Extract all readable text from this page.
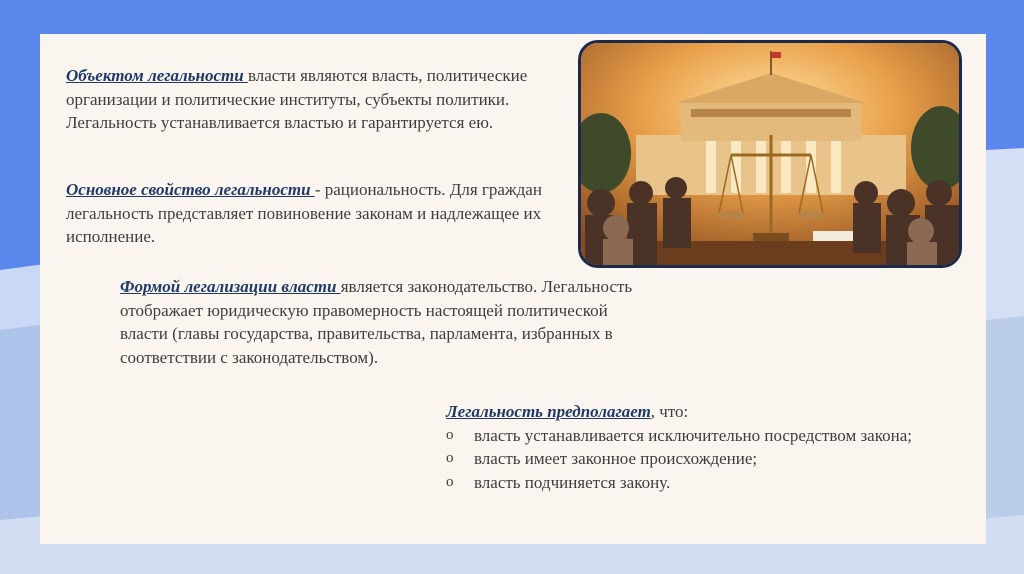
Объектом легальности власти являются власть, политические организации и политические институты, субъекты политики. Легальность устанавливается властью и гарантируется ею.
Основное свойство легальности - рациональность. Для граждан легальность представляет повиновение законам и надлежащее их исполнение.
Формой легализации власти является законодательство. Легальность отображает юридическую правомерность настоящей политической власти (главы государства, правительства, парламента, избранных в соответствии с законодательством).
Легальность предполагает, что:
o	власть устанавливается исключительно посредством закона;
o	власть имеет законное происхождение;
o	власть подчиняется закону.
